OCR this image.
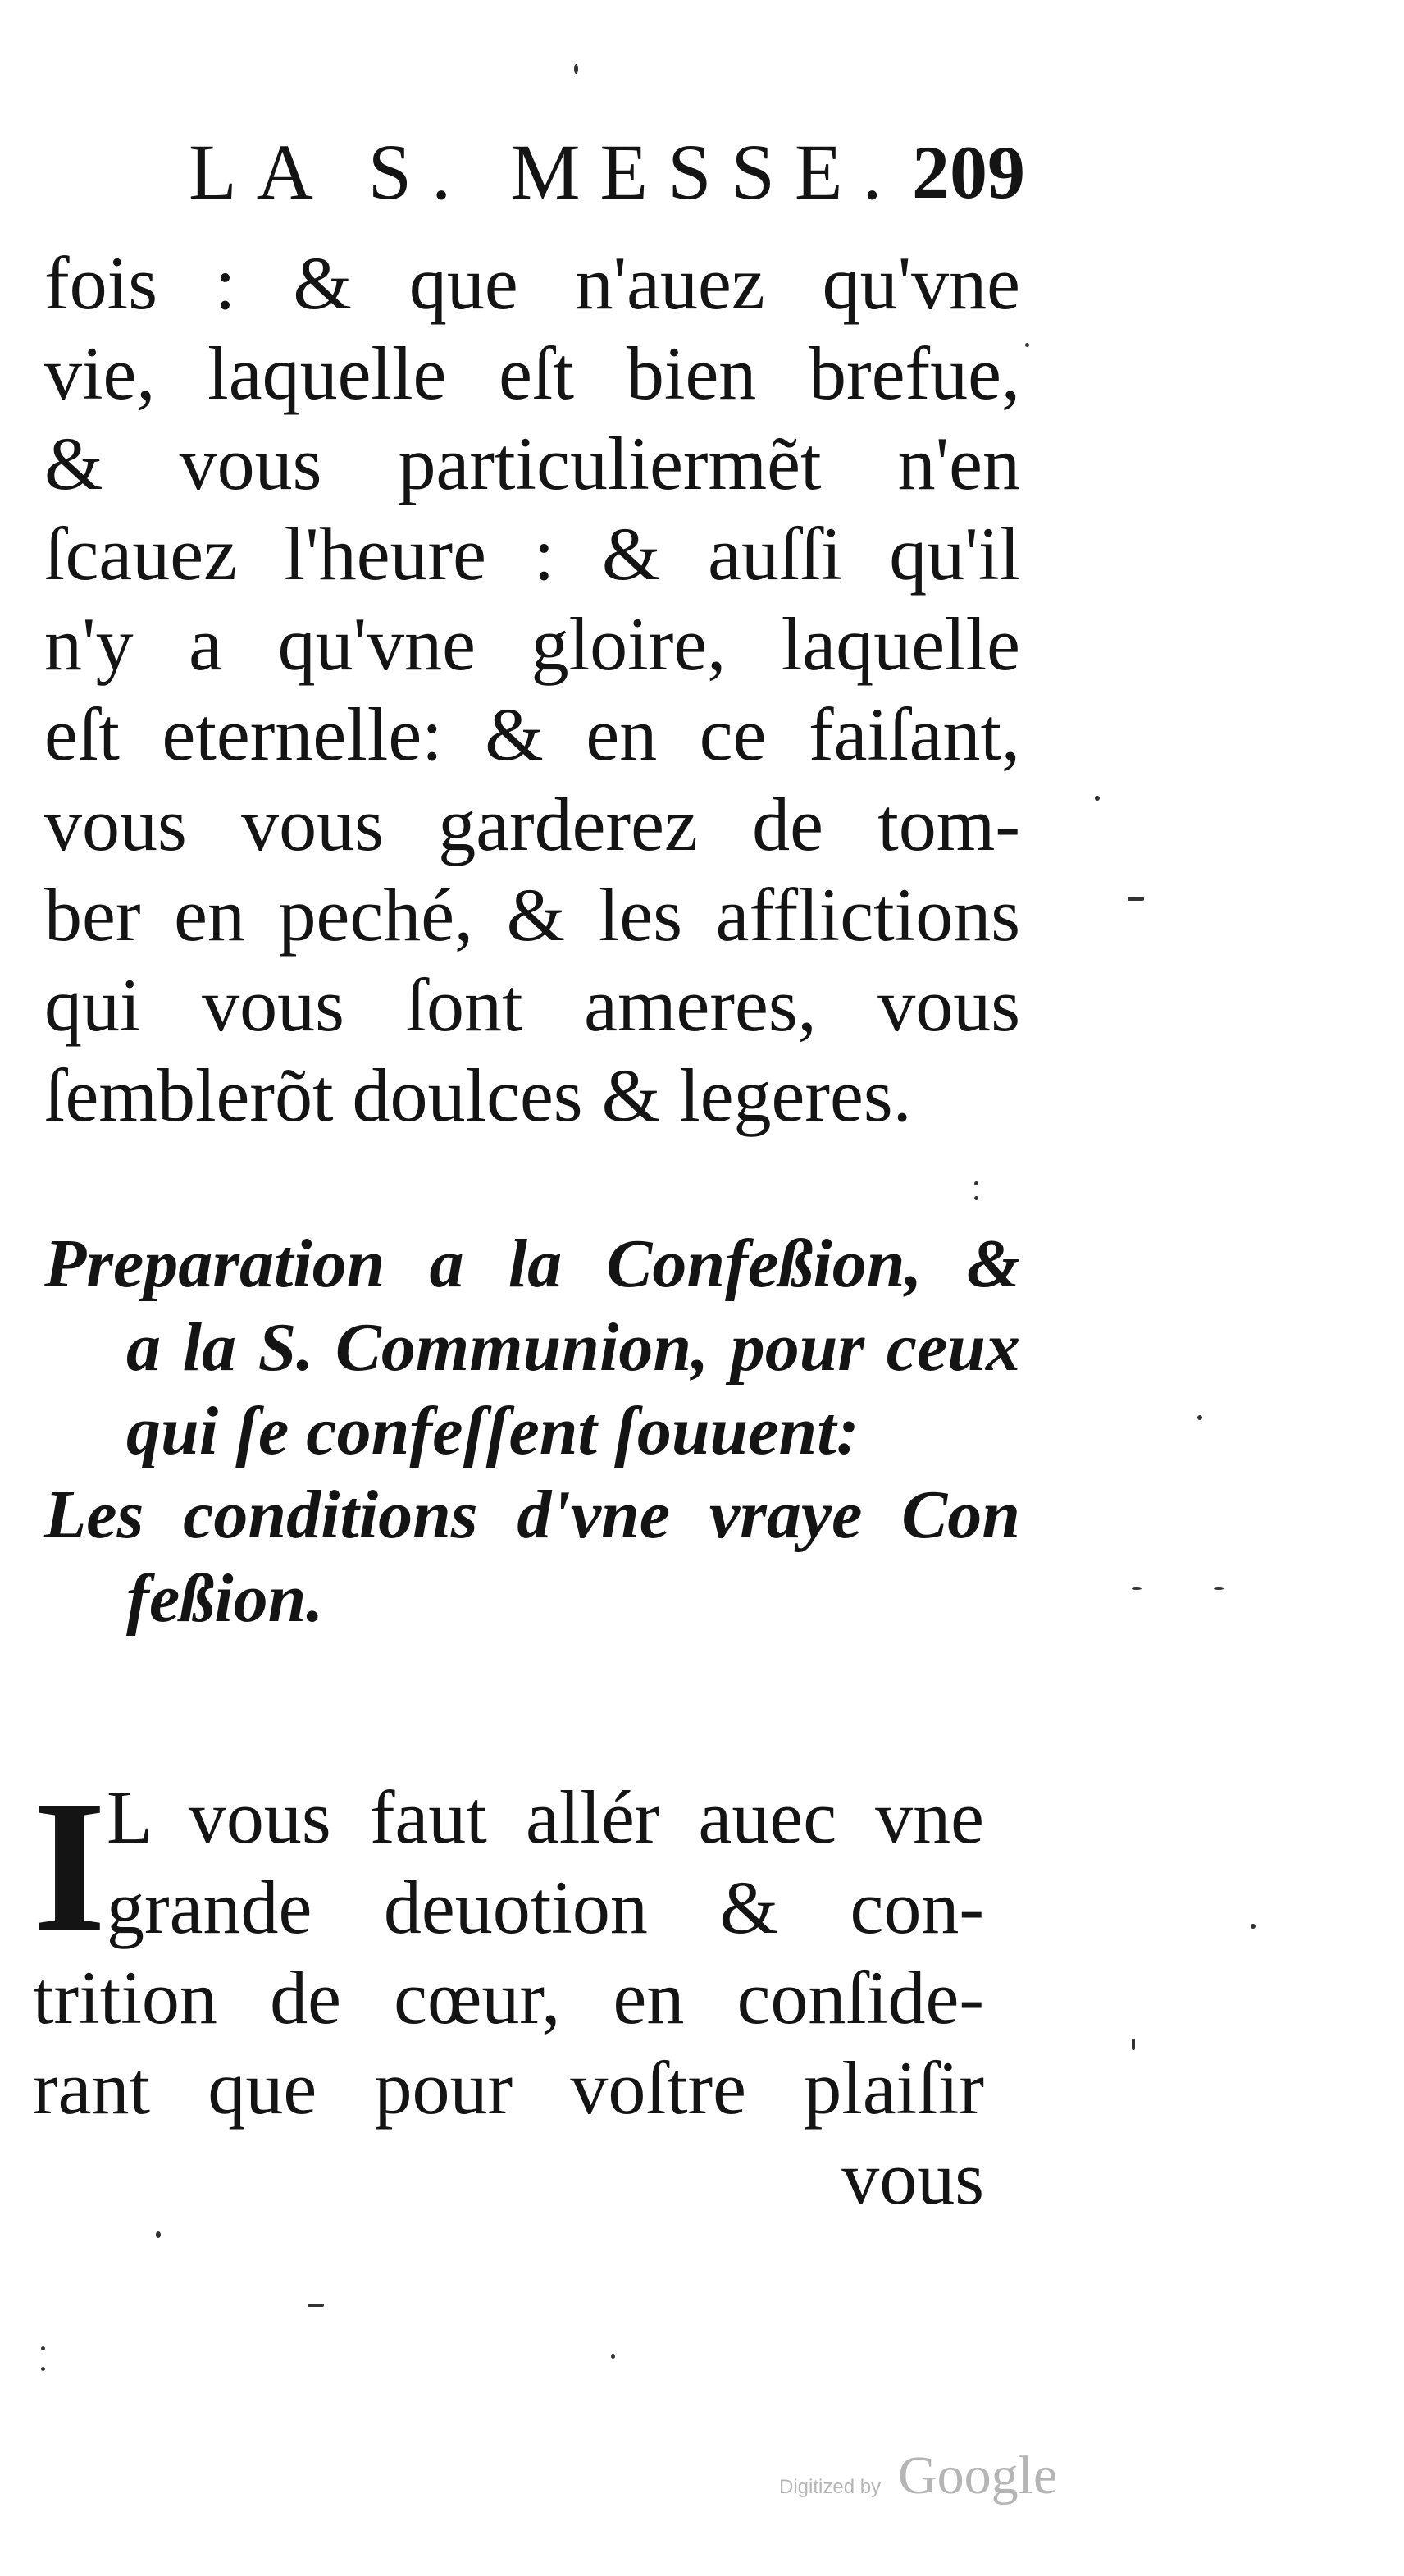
LA S. MESSE. 209
fois : & que n'auez qu'vne
vie, laquelle eſt bien brefue,
& vous particuliermẽt n'en
ſcauez l'heure : & auſſi qu'il
n'y a qu'vne gloire, laquelle
eſt eternelle: & en ce faiſant,
vous vous garderez de tom-
ber en peché, & les afflictions
qui vous ſont ameres, vous
ſemblerõt doulces & legeres.
Preparation a la Confeßion, &
a la S. Communion, pour ceux
qui ſe confeſſent ſouuent:
Les conditions d'vne vraye Con
feßion.
I L vous faut allér auec vne
grande deuotion & con-
trition de cœur, en conſide-
rant que pour voſtre plaiſir
vous
Digitized by Google
